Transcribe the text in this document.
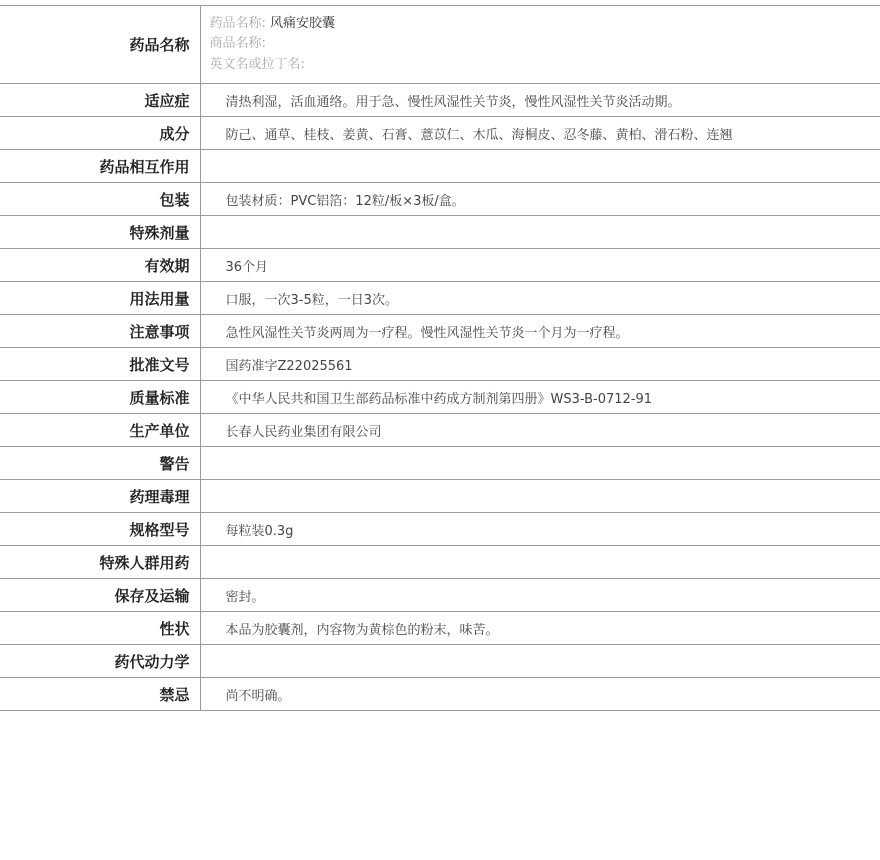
药品名称	药品名称: 风痛安胶囊
商品名称:
英文名或拉丁名:

适应症	清热利湿，活血通络。用于急、慢性风湿性关节炎，慢性风湿性关节炎活动期。
成分	防己、通草、桂枝、姜黄、石膏、薏苡仁、木瓜、海桐皮、忍冬藤、黄柏、滑石粉、连翘
药品相互作用	
包装	包装材质：PVC铝箔：12粒/板×3板/盒。
特殊剂量	
有效期	36个月
用法用量	口服，一次3-5粒，一日3次。
注意事项	急性风湿性关节炎两周为一疗程。慢性风湿性关节炎一个月为一疗程。
批准文号	国药准字Z22025561
质量标准	《中华人民共和国卫生部药品标准中药成方制剂第四册》WS3-B-0712-91
生产单位	长春人民药业集团有限公司
警告	
药理毒理	
规格型号	每粒装0.3g
特殊人群用药	
保存及运输	密封。
性状	本品为胶囊剂，内容物为黄棕色的粉末，味苦。
药代动力学	
禁忌	尚不明确。
